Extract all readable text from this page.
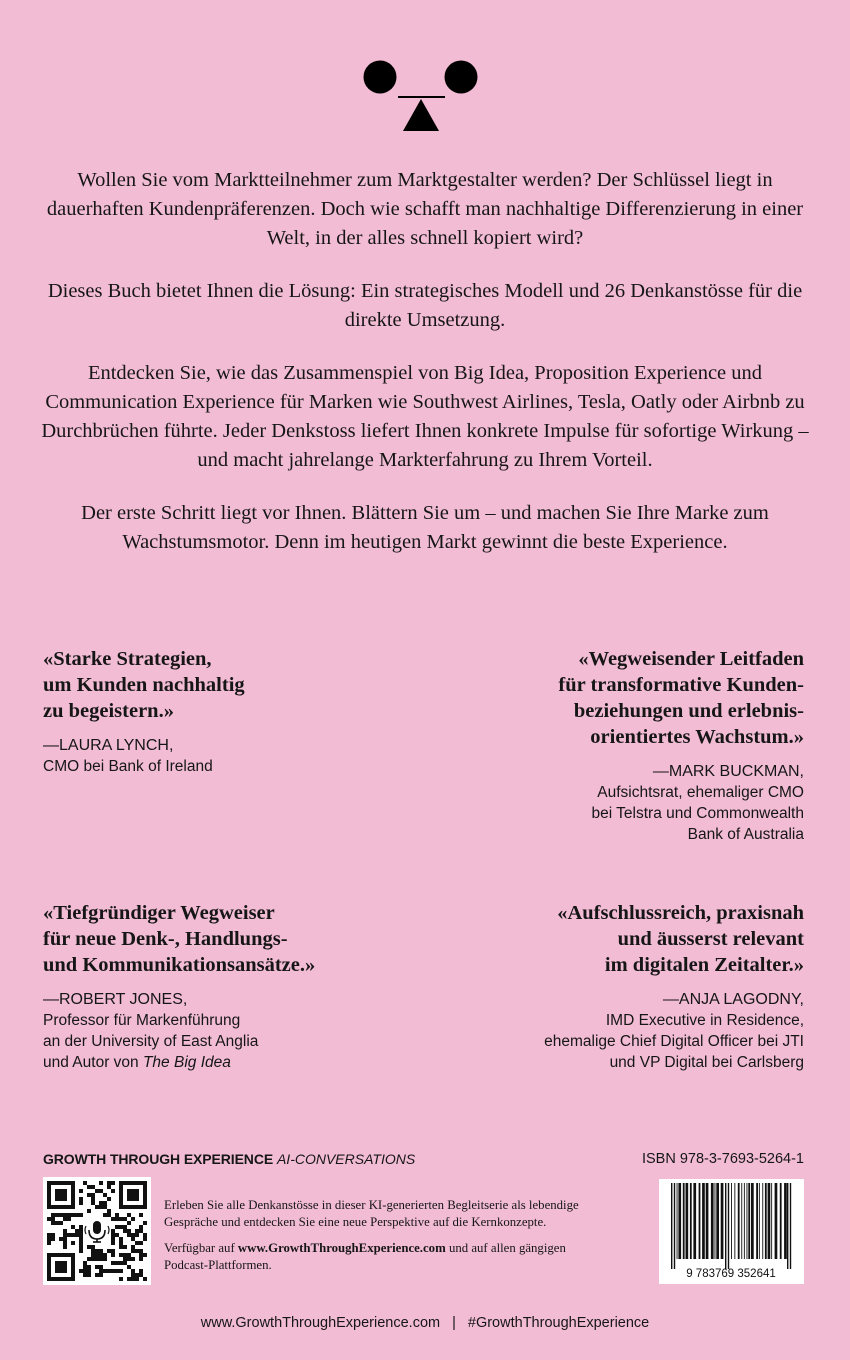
Wollen Sie vom Marktteilnehmer zum Marktgestalter werden? Der Schlüssel liegt in dauerhaften Kundenpräferenzen. Doch wie schafft man nachhaltige Differenzierung in einer Welt, in der alles schnell kopiert wird?

Dieses Buch bietet Ihnen die Lösung: Ein strategisches Modell und 26 Denkanstösse für die direkte Umsetzung.

Entdecken Sie, wie das Zusammenspiel von Big Idea, Proposition Experience und Communication Experience für Marken wie Southwest Airlines, Tesla, Oatly oder Airbnb zu Durchbrüchen führte. Jeder Denkstoss liefert Ihnen konkrete Impulse für sofortige Wirkung – und macht jahrelange Markterfahrung zu Ihrem Vorteil.

Der erste Schritt liegt vor Ihnen. Blättern Sie um – und machen Sie Ihre Marke zum Wachstumsmotor. Denn im heutigen Markt gewinnt die beste Experience.

«Starke Strategien,
um Kunden nachhaltig
zu begeistern.»
—LAURA LYNCH,
CMO bei Bank of Ireland
«Wegweisender Leitfaden
für transformative Kunden-
beziehungen und erlebnis-
orientiertes Wachstum.»
—MARK BUCKMAN,
Aufsichtsrat, ehemaliger CMO
bei Telstra und Commonwealth
Bank of Australia
«Tiefgründiger Wegweiser
für neue Denk-, Handlungs-
und Kommunikationsansätze.»
—ROBERT JONES,
Professor für Markenführung
an der University of East Anglia
und Autor von The Big Idea
«Aufschlussreich, praxisnah
und äusserst relevant
im digitalen Zeitalter.»
—ANJA LAGODNY,
IMD Executive in Residence,
ehemalige Chief Digital Officer bei JTI
und VP Digital bei Carlsberg
GROWTH THROUGH EXPERIENCE AI-CONVERSATIONS	ISBN 978-3-7693-5264-1

Erleben Sie alle Denkanstösse in dieser KI-generierten Begleitserie als lebendige Gespräche und entdecken Sie eine neue Perspektive auf die Kernkonzepte.

Verfügbar auf www.GrowthThroughExperience.com und auf allen gängigen Podcast-Plattformen.

9 783769 352641
www.GrowthThroughExperience.com | #GrowthThroughExperience
